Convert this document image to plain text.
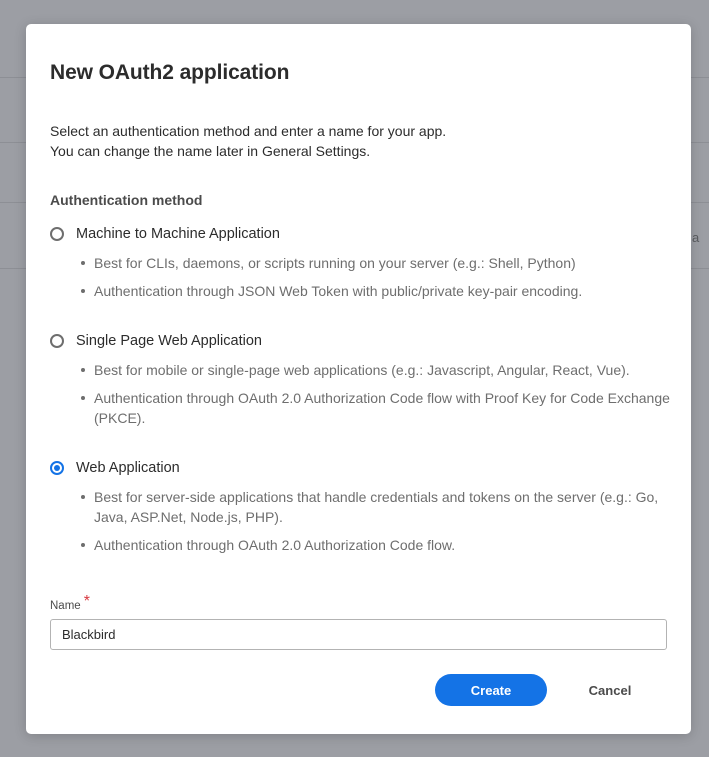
a
New OAuth2 application
Select an authentication method and enter a name for your app.
You can change the name later in General Settings.
Authentication method
Machine to Machine Application
Best for CLIs, daemons, or scripts running on your server (e.g.: Shell, Python)
Authentication through JSON Web Token with public/private key-pair encoding.
Single Page Web Application
Best for mobile or single-page web applications (e.g.: Javascript, Angular, React, Vue).
Authentication through OAuth 2.0 Authorization Code flow with Proof Key for Code Exchange (PKCE).
Web Application
Best for server-side applications that handle credentials and tokens on the server (e.g.: Go, Java, ASP.Net, Node.js, PHP).
Authentication through OAuth 2.0 Authorization Code flow.
Name *
Blackbird
Create	Cancel
